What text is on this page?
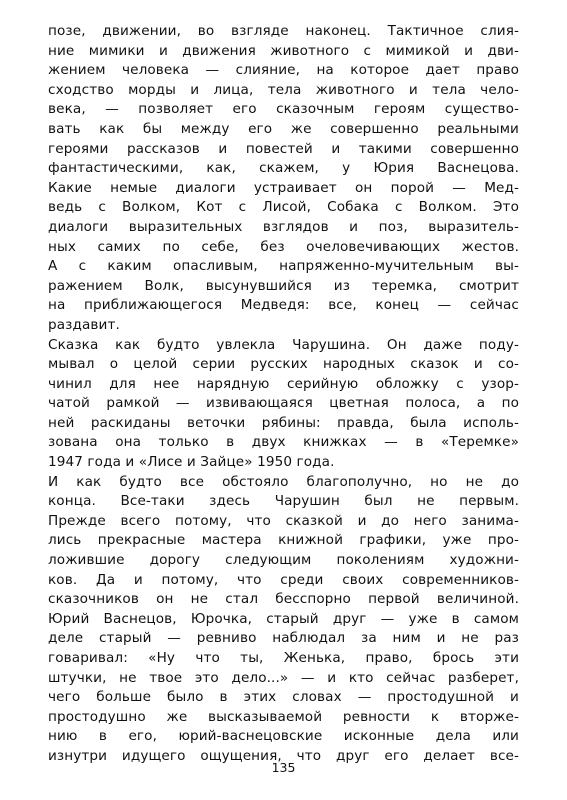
позе, движении, во взгляде наконец. Тактичное слия-
ние мимики и движения животного с мимикой и дви-
жением человека — слияние, на которое дает право
сходство морды и лица, тела животного и тела чело-
века, — позволяет его сказочным героям существо-
вать как бы между его же совершенно реальными
героями рассказов и повестей и такими совершенно
фантастическими, как, скажем, у Юрия Васнецова.
Какие немые диалоги устраивает он порой — Мед-
ведь с Волком, Кот с Лисой, Собака с Волком. Это
диалоги выразительных взглядов и поз, выразитель-
ных самих по себе, без очеловечивающих жестов.
А с каким опасливым, напряженно-мучительным вы-
ражением Волк, высунувшийся из теремка, смотрит
на приближающегося Медведя: все, конец — сейчас
раздавит.
Сказка как будто увлекла Чарушина. Он даже поду-
мывал о целой серии русских народных сказок и со-
чинил для нее нарядную серийную обложку с узор-
чатой рамкой — извивающаяся цветная полоса, а по
ней раскиданы веточки рябины: правда, была исполь-
зована она только в двух книжках — в «Теремке»
1947 года и «Лисе и Зайце» 1950 года.
И как будто все обстояло благополучно, но не до
конца. Все-таки здесь Чарушин был не первым.
Прежде всего потому, что сказкой и до него занима-
лись прекрасные мастера книжной графики, уже про-
ложившие дорогу следующим поколениям художни-
ков. Да и потому, что среди своих современников-
сказочников он не стал бесспорно первой величиной.
Юрий Васнецов, Юрочка, старый друг — уже в самом
деле старый — ревниво наблюдал за ним и не раз
говаривал: «Ну что ты, Женька, право, брось эти
штучки, не твое это дело...» — и кто сейчас разберет,
чего больше было в этих словах — простодушной и
простодушно же высказываемой ревности к вторже-
нию в его, юрий-васнецовские исконные дела или
изнутри идущего ощущения, что друг его делает все-
135
